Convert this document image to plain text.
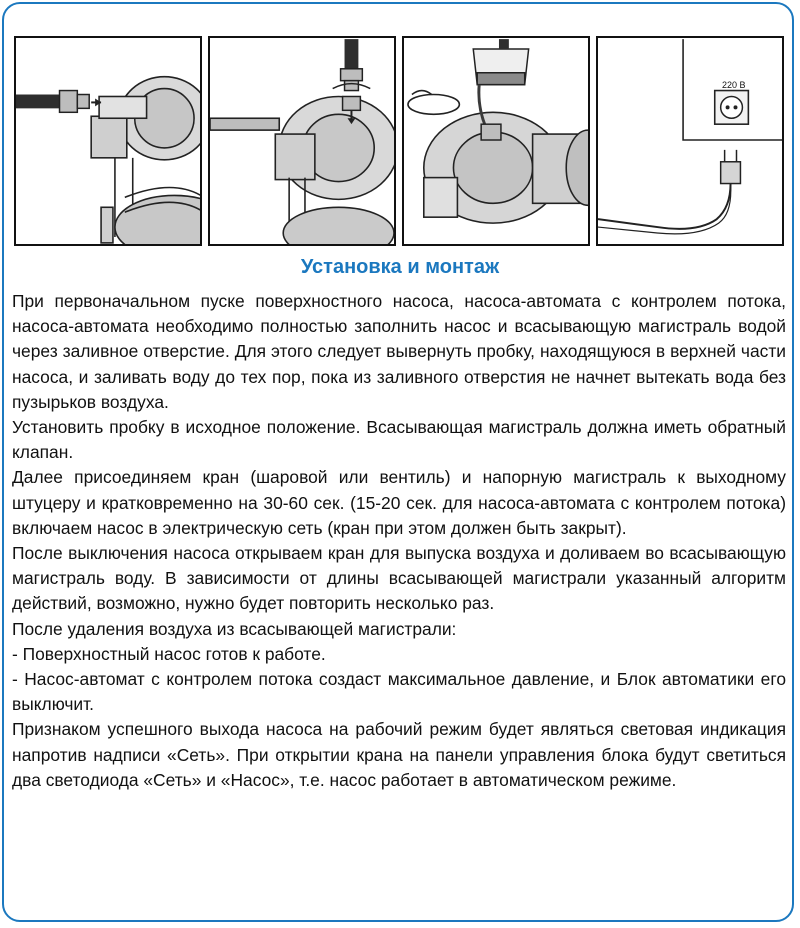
220 В
Установка и монтаж

При первоначальном пуске поверхностного насоса, насоса-автомата с контролем потока, насоса-автомата необходимо полностью заполнить насос и всасывающую магистраль водой через заливное отверстие. Для этого следует вывернуть пробку, находящуюся в верхней части насоса, и заливать воду до тех пор, пока из заливного отверстия не начнет вытекать вода без пузырьков воздуха.

Установить пробку в исходное положение. Всасывающая магистраль должна иметь обратный клапан.

Далее присоединяем кран (шаровой или вентиль) и напорную магистраль к выходному штуцеру и кратковременно на 30-60 сек. (15-20 сек. для насоса-автомата с контролем потока) включаем насос в электрическую сеть (кран при этом должен быть закрыт).

После выключения насоса открываем кран для выпуска воздуха и доливаем во всасывающую магистраль воду. В зависимости от длины всасывающей магистрали указанный алгоритм действий, возможно, нужно будет повторить несколько раз.

После удаления воздуха из всасывающей магистрали:

- Поверхностный насос готов к работе.

- Насос-автомат с контролем потока создаст максимальное давление, и Блок автоматики его выключит.

Признаком успешного выхода насоса на рабочий режим будет являться световая индикация напротив надписи «Сеть». При открытии крана на панели управления блока будут светиться два светодиода «Сеть» и «Насос», т.е. насос работает в автоматическом режиме.
